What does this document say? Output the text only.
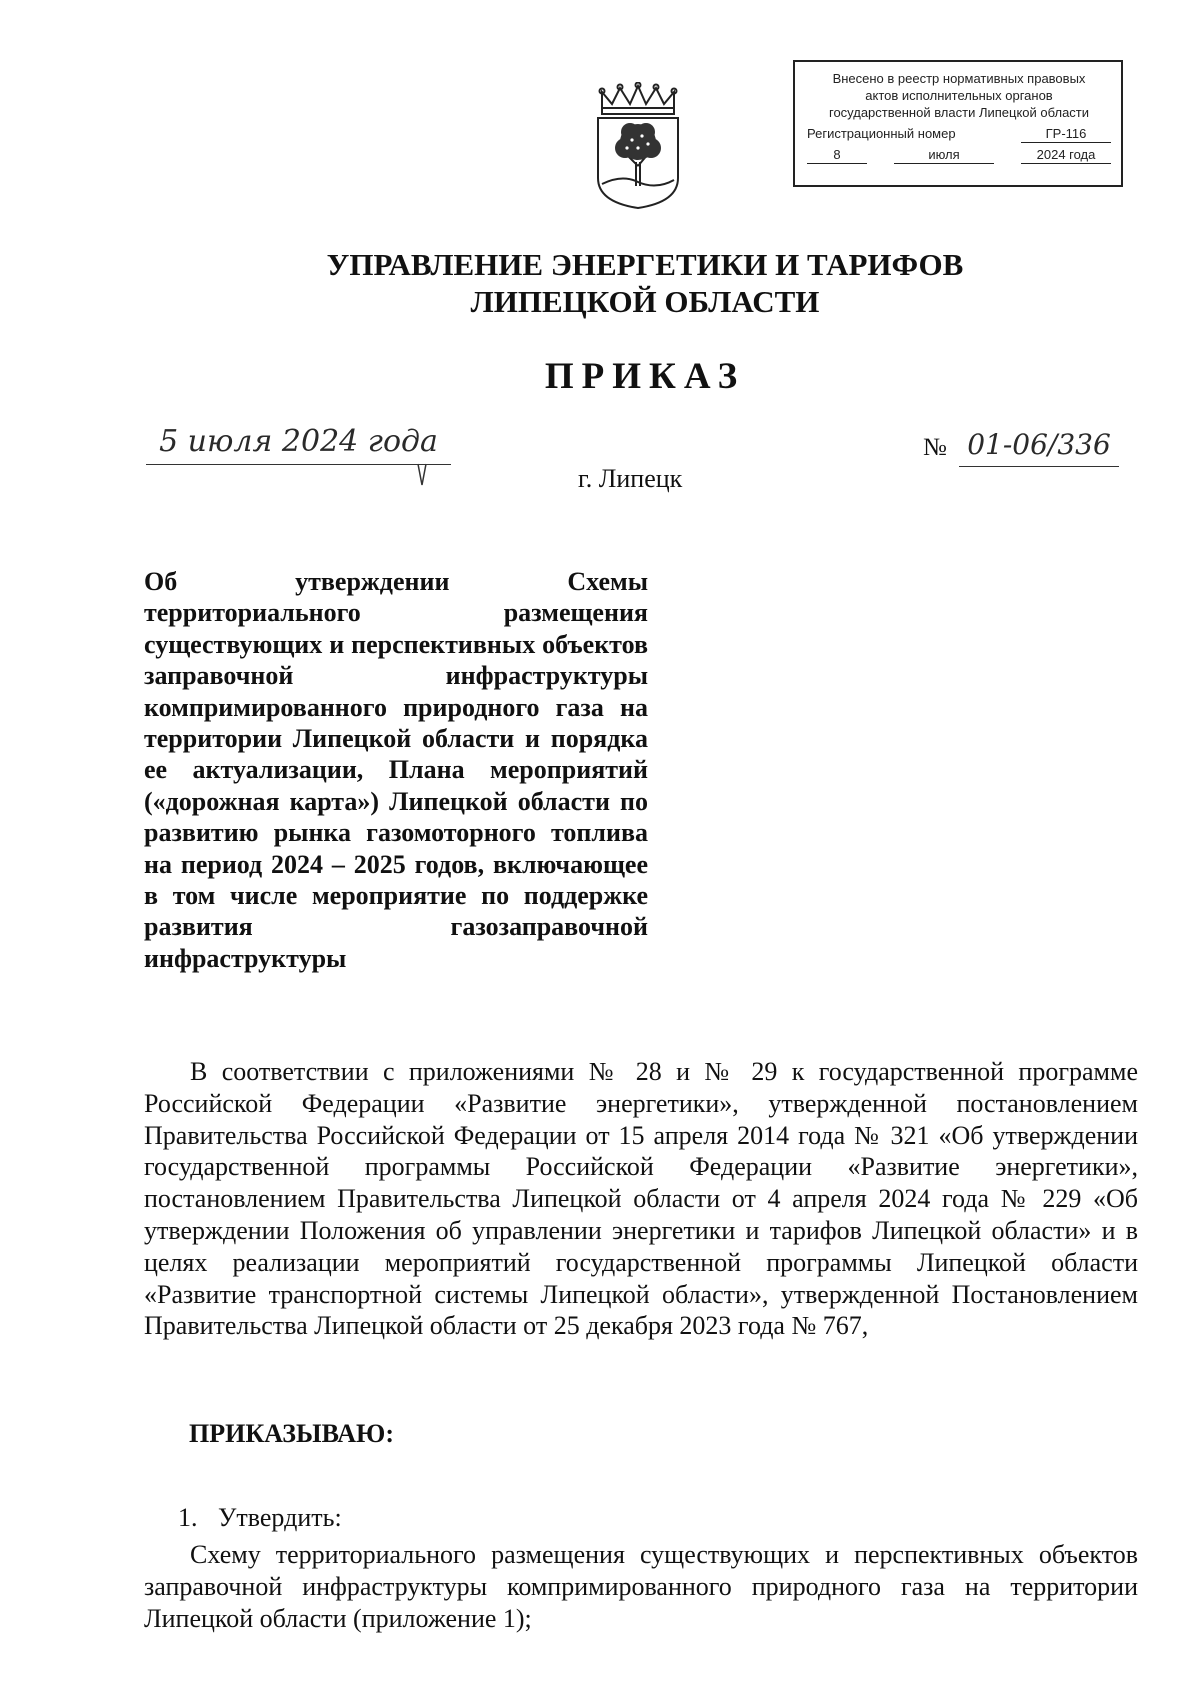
Внесено в реестр нормативных правовых
актов исполнительных органов
государственной власти Липецкой области
Регистрационный номер	ГР-116
8	июля	2024 года
УПРАВЛЕНИЕ ЭНЕРГЕТИКИ И ТАРИФОВ
ЛИПЕЦКОЙ ОБЛАСТИ
ПРИКАЗ
5 июля 2024 года	№ 01-06/336
г. Липецк
Об утверждении Схемы территориального размещения существующих и перспективных объектов заправочной инфраструктуры компримированного природного газа на территории Липецкой области и порядка ее актуализации, Плана мероприятий («дорожная карта») Липецкой области по развитию рынка газомоторного топлива на период 2024 – 2025 годов, включающее в том числе мероприятие по поддержке развития газозаправочной инфраструктуры
В соответствии с приложениями № 28 и № 29 к государственной программе Российской Федерации «Развитие энергетики», утвержденной постановлением Правительства Российской Федерации от 15 апреля 2014 года № 321 «Об утверждении государственной программы Российской Федерации «Развитие энергетики», постановлением Правительства Липецкой области от 4 апреля 2024 года № 229 «Об утверждении Положения об управлении энергетики и тарифов Липецкой области» и в целях реализации мероприятий государственной программы Липецкой области «Развитие транспортной системы Липецкой области», утвержденной Постановлением Правительства Липецкой области от 25 декабря 2023 года № 767,
ПРИКАЗЫВАЮ:
1. Утвердить:
Схему территориального размещения существующих и перспективных объектов заправочной инфраструктуры компримированного природного газа на территории Липецкой области (приложение 1);
